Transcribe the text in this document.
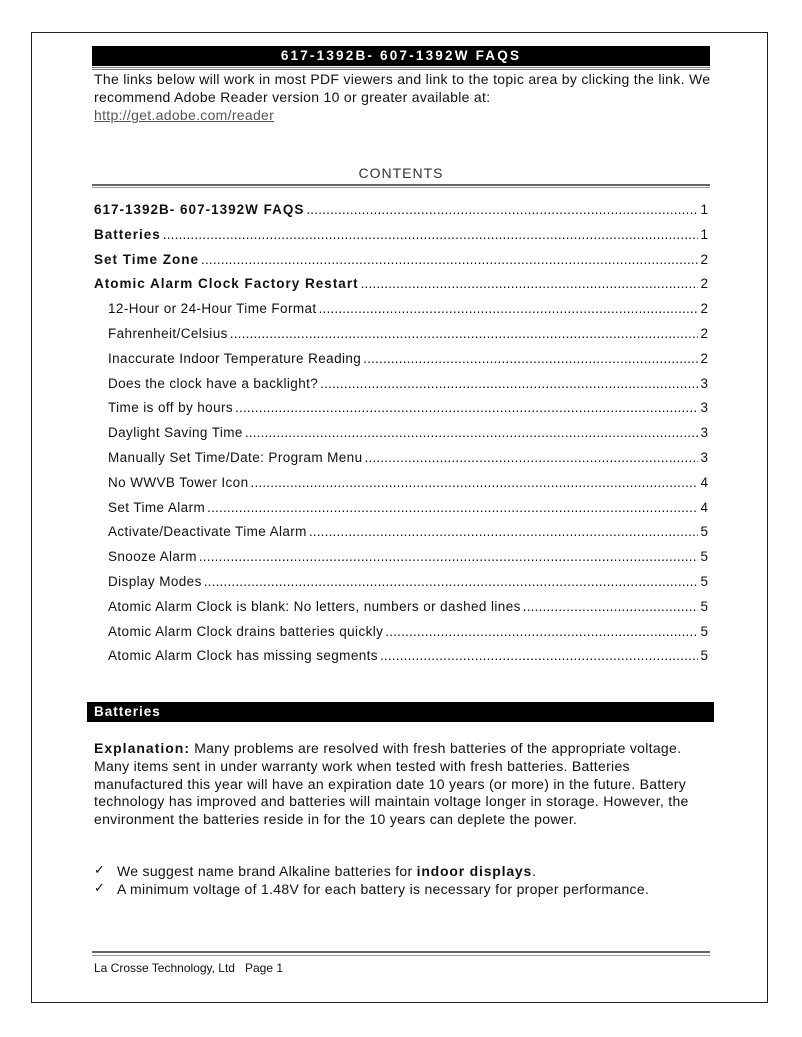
617-1392B- 607-1392W FAQS
The links below will work in most PDF viewers and link to the topic area by clicking the link. We recommend Adobe Reader version 10 or greater available at:
http://get.adobe.com/reader
CONTENTS
617-1392B- 607-1392W FAQS .....	1
Batteries .....	1
Set Time Zone .....	2
Atomic Alarm Clock Factory Restart .....	2
12-Hour or 24-Hour Time Format .....	2
Fahrenheit/Celsius .....	2
Inaccurate Indoor Temperature Reading .....	2
Does the clock have a backlight? .....	3
Time is off by hours .....	3
Daylight Saving Time .....	3
Manually Set Time/Date: Program Menu .....	3
No WWVB Tower Icon .....	4
Set Time Alarm .....	4
Activate/Deactivate Time Alarm .....	5
Snooze Alarm .....	5
Display Modes .....	5
Atomic Alarm Clock is blank: No letters, numbers or dashed lines .....	5
Atomic Alarm Clock drains batteries quickly .....	5
Atomic Alarm Clock has missing segments .....	5
Batteries

Explanation: Many problems are resolved with fresh batteries of the appropriate voltage. Many items sent in under warranty work when tested with fresh batteries. Batteries manufactured this year will have an expiration date 10 years (or more) in the future. Battery technology has improved and batteries will maintain voltage longer in storage. However, the environment the batteries reside in for the 10 years can deplete the power.

✓ We suggest name brand Alkaline batteries for indoor displays.
✓ A minimum voltage of 1.48V for each battery is necessary for proper performance.
La Crosse Technology, Ltd   Page 1
